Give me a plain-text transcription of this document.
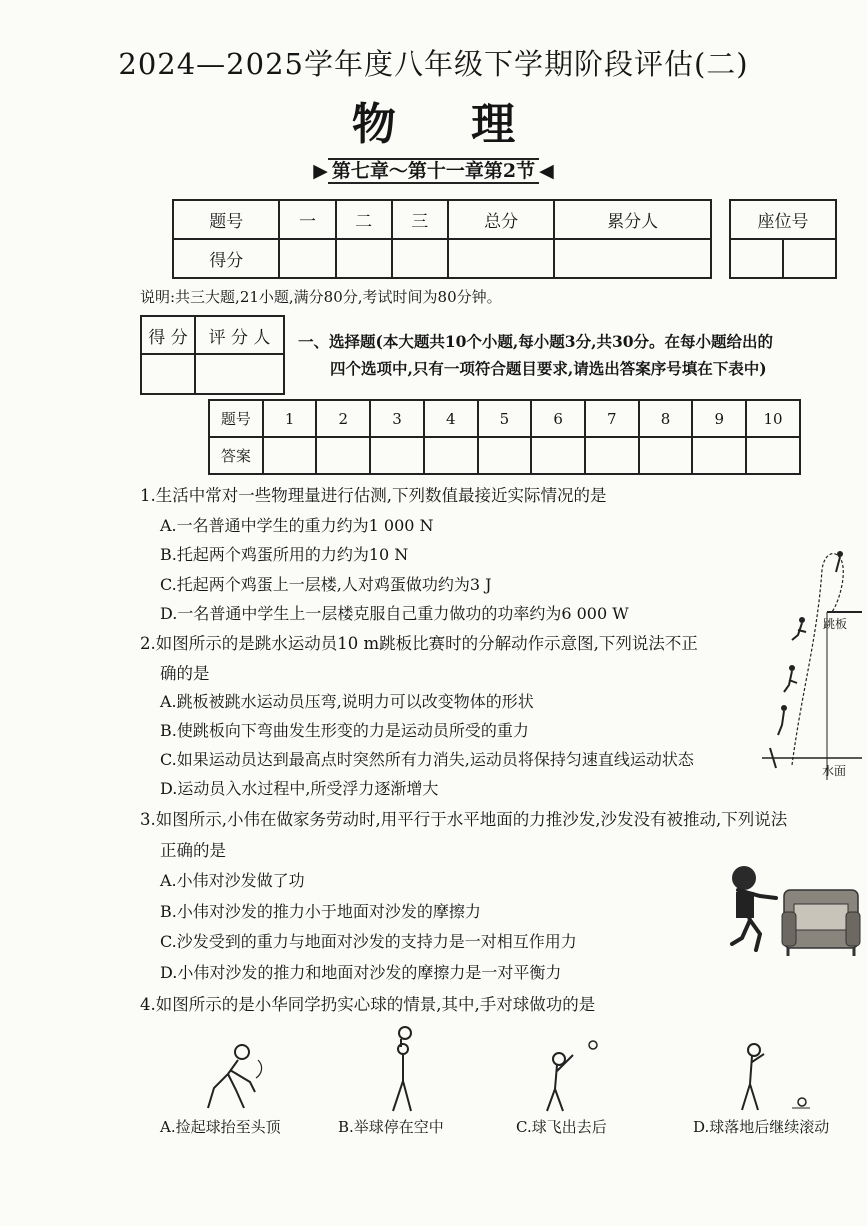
2024—2025学年度八年级下学期阶段评估(二)
物 理
▶ 第七章～第十一章第2节 ◀
题号	一	二	三	总分	累分人
得分					
座位号

说明:共三大题,21小题,满分80分,考试时间为80分钟。
得 分	评 分 人
	一、选择题(本大题共10个小题,每小题3分,共30分。在每小题给出的
四个选项中,只有一项符合题目要求,请选出答案序号填在下表中)
题号	1	2	3	4	5	6	7	8	9	10
答案										
1.生活中常对一些物理量进行估测,下列数值最接近实际情况的是
A.一名普通中学生的重力约为1 000 N
B.托起两个鸡蛋所用的力约为10 N
C.托起两个鸡蛋上一层楼,人对鸡蛋做功约为3 J
D.一名普通中学生上一层楼克服自己重力做功的功率约为6 000 W
2.如图所示的是跳水运动员10 m跳板比赛时的分解动作示意图,下列说法不正
确的是
A.跳板被跳水运动员压弯,说明力可以改变物体的形状
B.使跳板向下弯曲发生形变的力是运动员所受的重力
C.如果运动员达到最高点时突然所有力消失,运动员将保持匀速直线运动状态
D.运动员入水过程中,所受浮力逐渐增大
跳板
水面
3.如图所示,小伟在做家务劳动时,用平行于水平地面的力推沙发,沙发没有被推动,下列说法
正确的是
A.小伟对沙发做了功
B.小伟对沙发的推力小于地面对沙发的摩擦力
C.沙发受到的重力与地面对沙发的支持力是一对相互作用力
D.小伟对沙发的推力和地面对沙发的摩擦力是一对平衡力
4.如图所示的是小华同学扔实心球的情景,其中,手对球做功的是
A.捡起球抬至头顶	B.举球停在空中	C.球飞出去后	D.球落地后继续滚动
